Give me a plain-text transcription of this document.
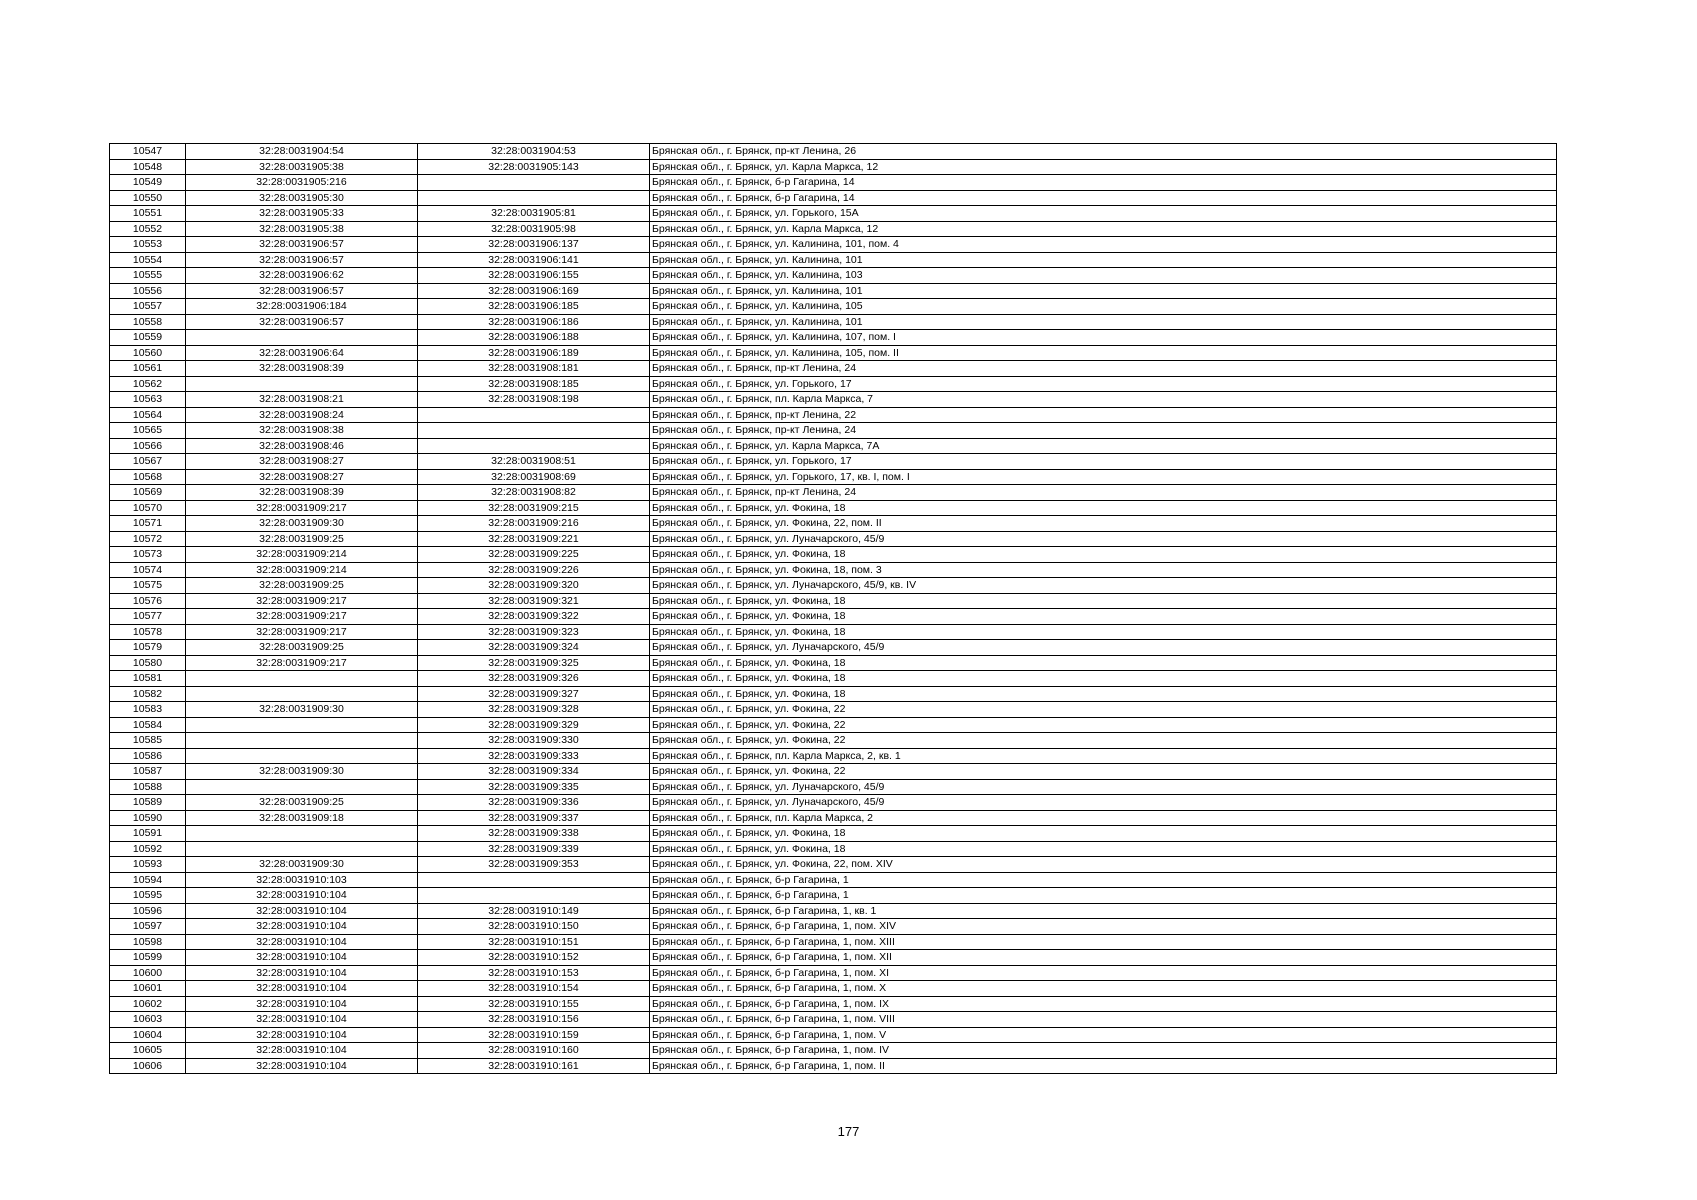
10547	32:28:0031904:54	32:28:0031904:53	Брянская обл., г. Брянск, пр-кт Ленина, 26
10548	32:28:0031905:38	32:28:0031905:143	Брянская обл., г. Брянск, ул. Карла Маркса, 12
10549	32:28:0031905:216		Брянская обл., г. Брянск, б-р Гагарина, 14
10550	32:28:0031905:30		Брянская обл., г. Брянск, б-р Гагарина, 14
10551	32:28:0031905:33	32:28:0031905:81	Брянская обл., г. Брянск, ул. Горького, 15А
10552	32:28:0031905:38	32:28:0031905:98	Брянская обл., г. Брянск, ул. Карла Маркса, 12
10553	32:28:0031906:57	32:28:0031906:137	Брянская обл., г. Брянск, ул. Калинина, 101, пом. 4
10554	32:28:0031906:57	32:28:0031906:141	Брянская обл., г. Брянск, ул. Калинина, 101
10555	32:28:0031906:62	32:28:0031906:155	Брянская обл., г. Брянск, ул. Калинина, 103
10556	32:28:0031906:57	32:28:0031906:169	Брянская обл., г. Брянск, ул. Калинина, 101
10557	32:28:0031906:184	32:28:0031906:185	Брянская обл., г. Брянск, ул. Калинина, 105
10558	32:28:0031906:57	32:28:0031906:186	Брянская обл., г. Брянск, ул. Калинина, 101
10559		32:28:0031906:188	Брянская обл., г. Брянск, ул. Калинина, 107, пом. I
10560	32:28:0031906:64	32:28:0031906:189	Брянская обл., г. Брянск, ул. Калинина, 105, пом. II
10561	32:28:0031908:39	32:28:0031908:181	Брянская обл., г. Брянск, пр-кт Ленина, 24
10562		32:28:0031908:185	Брянская обл., г. Брянск, ул. Горького, 17
10563	32:28:0031908:21	32:28:0031908:198	Брянская обл., г. Брянск, пл. Карла Маркса, 7
10564	32:28:0031908:24		Брянская обл., г. Брянск, пр-кт Ленина, 22
10565	32:28:0031908:38		Брянская обл., г. Брянск, пр-кт Ленина, 24
10566	32:28:0031908:46		Брянская обл., г. Брянск, ул. Карла Маркса, 7А
10567	32:28:0031908:27	32:28:0031908:51	Брянская обл., г. Брянск, ул. Горького, 17
10568	32:28:0031908:27	32:28:0031908:69	Брянская обл., г. Брянск, ул. Горького, 17, кв. I, пом. I
10569	32:28:0031908:39	32:28:0031908:82	Брянская обл., г. Брянск, пр-кт Ленина, 24
10570	32:28:0031909:217	32:28:0031909:215	Брянская обл., г. Брянск, ул. Фокина, 18
10571	32:28:0031909:30	32:28:0031909:216	Брянская обл., г. Брянск, ул. Фокина, 22, пом. II
10572	32:28:0031909:25	32:28:0031909:221	Брянская обл., г. Брянск, ул. Луначарского, 45/9
10573	32:28:0031909:214	32:28:0031909:225	Брянская обл., г. Брянск, ул. Фокина, 18
10574	32:28:0031909:214	32:28:0031909:226	Брянская обл., г. Брянск, ул. Фокина, 18, пом. 3
10575	32:28:0031909:25	32:28:0031909:320	Брянская обл., г. Брянск, ул. Луначарского, 45/9, кв. IV
10576	32:28:0031909:217	32:28:0031909:321	Брянская обл., г. Брянск, ул. Фокина, 18
10577	32:28:0031909:217	32:28:0031909:322	Брянская обл., г. Брянск, ул. Фокина, 18
10578	32:28:0031909:217	32:28:0031909:323	Брянская обл., г. Брянск, ул. Фокина, 18
10579	32:28:0031909:25	32:28:0031909:324	Брянская обл., г. Брянск, ул. Луначарского, 45/9
10580	32:28:0031909:217	32:28:0031909:325	Брянская обл., г. Брянск, ул. Фокина, 18
10581		32:28:0031909:326	Брянская обл., г. Брянск, ул. Фокина, 18
10582		32:28:0031909:327	Брянская обл., г. Брянск, ул. Фокина, 18
10583	32:28:0031909:30	32:28:0031909:328	Брянская обл., г. Брянск, ул. Фокина, 22
10584		32:28:0031909:329	Брянская обл., г. Брянск, ул. Фокина, 22
10585		32:28:0031909:330	Брянская обл., г. Брянск, ул. Фокина, 22
10586		32:28:0031909:333	Брянская обл., г. Брянск, пл. Карла Маркса, 2, кв. 1
10587	32:28:0031909:30	32:28:0031909:334	Брянская обл., г. Брянск, ул. Фокина, 22
10588		32:28:0031909:335	Брянская обл., г. Брянск, ул. Луначарского, 45/9
10589	32:28:0031909:25	32:28:0031909:336	Брянская обл., г. Брянск, ул. Луначарского, 45/9
10590	32:28:0031909:18	32:28:0031909:337	Брянская обл., г. Брянск, пл. Карла Маркса, 2
10591		32:28:0031909:338	Брянская обл., г. Брянск, ул. Фокина, 18
10592		32:28:0031909:339	Брянская обл., г. Брянск, ул. Фокина, 18
10593	32:28:0031909:30	32:28:0031909:353	Брянская обл., г. Брянск, ул. Фокина, 22, пом. XIV
10594	32:28:0031910:103		Брянская обл., г. Брянск, б-р Гагарина, 1
10595	32:28:0031910:104		Брянская обл., г. Брянск, б-р Гагарина, 1
10596	32:28:0031910:104	32:28:0031910:149	Брянская обл., г. Брянск, б-р Гагарина, 1, кв. 1
10597	32:28:0031910:104	32:28:0031910:150	Брянская обл., г. Брянск, б-р Гагарина, 1, пом. XIV
10598	32:28:0031910:104	32:28:0031910:151	Брянская обл., г. Брянск, б-р Гагарина, 1, пом. XIII
10599	32:28:0031910:104	32:28:0031910:152	Брянская обл., г. Брянск, б-р Гагарина, 1, пом. XII
10600	32:28:0031910:104	32:28:0031910:153	Брянская обл., г. Брянск, б-р Гагарина, 1, пом. XI
10601	32:28:0031910:104	32:28:0031910:154	Брянская обл., г. Брянск, б-р Гагарина, 1, пом. X
10602	32:28:0031910:104	32:28:0031910:155	Брянская обл., г. Брянск, б-р Гагарина, 1, пом. IX
10603	32:28:0031910:104	32:28:0031910:156	Брянская обл., г. Брянск, б-р Гагарина, 1, пом. VIII
10604	32:28:0031910:104	32:28:0031910:159	Брянская обл., г. Брянск, б-р Гагарина, 1, пом. V
10605	32:28:0031910:104	32:28:0031910:160	Брянская обл., г. Брянск, б-р Гагарина, 1, пом. IV
10606	32:28:0031910:104	32:28:0031910:161	Брянская обл., г. Брянск, б-р Гагарина, 1, пом. II
177
